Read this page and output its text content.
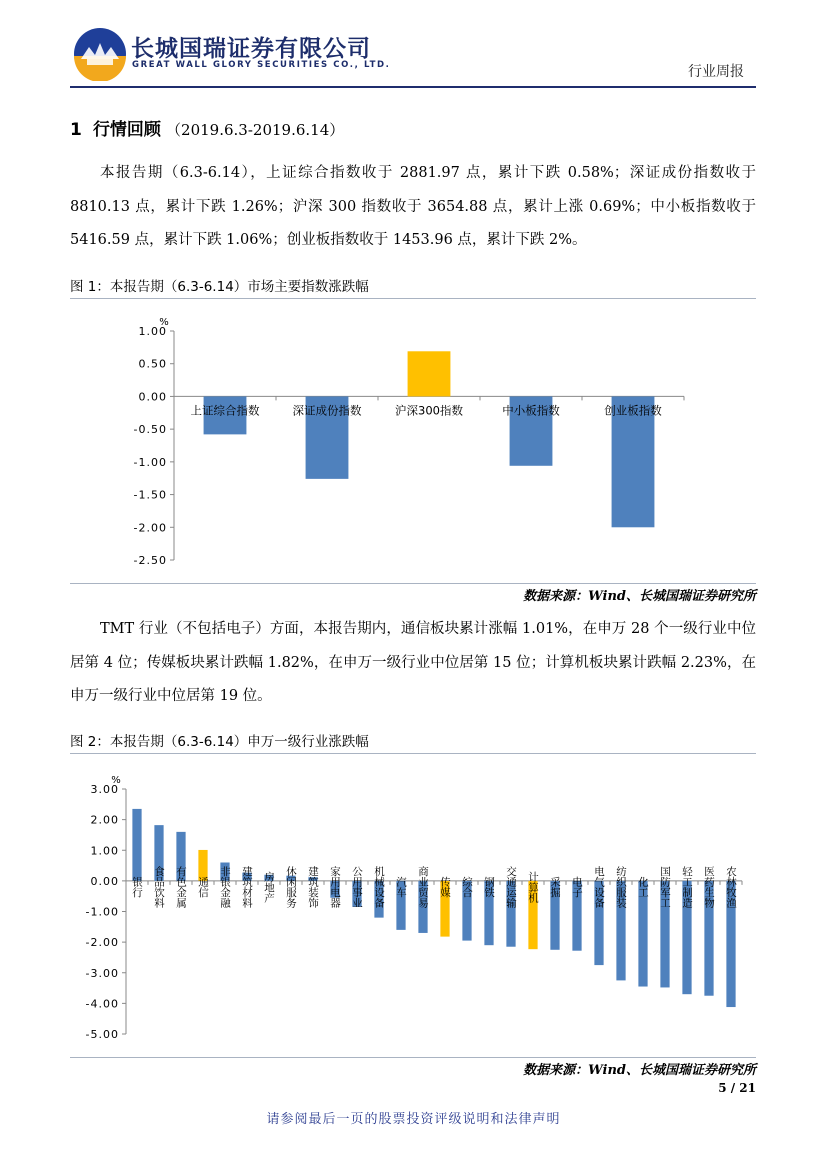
长城国瑞证券有限公司
GREAT WALL GLORY SECURITIES CO., LTD.	行业周报
1 行情回顾 （2019.6.3-2019.6.14）

本报告期（6.3-6.14），上证综合指数收于 2881.97 点，累计下跌 0.58%；深证成份指数收于 8810.13 点，累计下跌 1.26%；沪深 300 指数收于 3654.88 点，累计上涨 0.69%；中小板指数收于 5416.59 点，累计下跌 1.06%；创业板指数收于 1453.96 点，累计下跌 2%。

图 1：本报告期（6.3-6.14）市场主要指数涨跌幅
%
1.00
0.50
0.00
-0.50
-1.00
-1.50
-2.00
-2.50
上证综合指数	深证成份指数	沪深300指数	中小板指数	创业板指数
数据来源：Wind、长城国瑞证券研究所

TMT 行业（不包括电子）方面，本报告期内，通信板块累计涨幅 1.01%，在申万 28 个一级行业中位居第 4 位；传媒板块累计跌幅 1.82%，在申万一级行业中位居第 15 位；计算机板块累计跌幅 2.23%，在申万一级行业中位居第 19 位。

图 2：本报告期（6.3-6.14）申万一级行业涨跌幅
%
3.00
2.00
1.00
0.00
-1.00
-2.00
-3.00
-4.00
-5.00
银行 食品饮料 有色金属 通信 非银金融 建筑材料 房地产 休闲服务 建筑装饰 家用电器 公用事业 机械设备 汽车 商业贸易 传媒 综合 钢铁 交通运输 计算机 采掘 电子 电气设备 纺织服装 化工 国防军工 轻工制造 医药生物 农林牧渔
数据来源：Wind、长城国瑞证券研究所
5 / 21
请参阅最后一页的股票投资评级说明和法律声明
